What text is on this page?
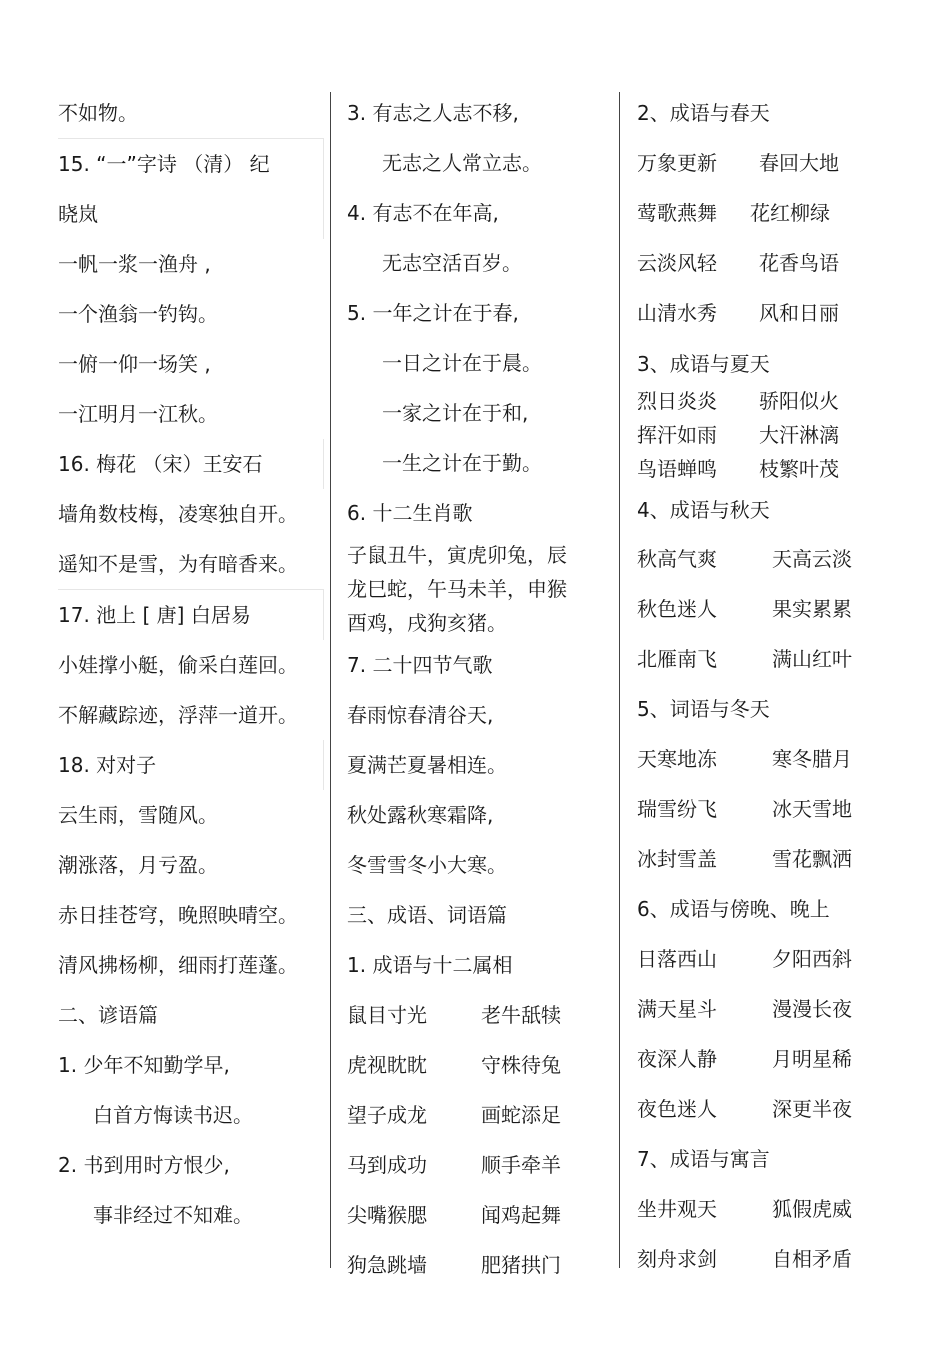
不如物。
15. “一”字诗 （清） 纪
晓岚
一帆一浆一渔舟 ,
一个渔翁一钓钩。
一俯一仰一场笑 ,
一江明月一江秋。
16. 梅花 （宋）王安石
墙角数枝梅，凌寒独自开。
遥知不是雪，为有暗香来。
17. 池上 [ 唐] 白居易
小娃撑小艇，偷采白莲回。
不解藏踪迹，浮萍一道开。
18. 对对子
云生雨，雪随风。
潮涨落，月亏盈。
赤日挂苍穹，晚照映晴空。
清风拂杨柳，细雨打莲蓬。
二、谚语篇
1. 少年不知勤学早,
白首方悔读书迟。
2. 书到用时方恨少,
事非经过不知难。
3. 有志之人志不移,
无志之人常立志。
4. 有志不在年高,
无志空活百岁。
5. 一年之计在于春,
一日之计在于晨。
一家之计在于和,
一生之计在于勤。
6. 十二生肖歌
子鼠丑牛，寅虎卯兔，辰
龙巳蛇，午马未羊，申猴
酉鸡，戌狗亥猪。
7. 二十四节气歌
春雨惊春清谷天,
夏满芒夏暑相连。
秋处露秋寒霜降,
冬雪雪冬小大寒。
三、成语、词语篇
1. 成语与十二属相
鼠目寸光	老牛舐犊
虎视眈眈	守株待兔
望子成龙	画蛇添足
马到成功	顺手牵羊
尖嘴猴腮	闻鸡起舞
狗急跳墙	肥猪拱门
2、成语与春天
万象更新	春回大地
莺歌燕舞	花红柳绿
云淡风轻	花香鸟语
山清水秀	风和日丽
3、成语与夏天
烈日炎炎	骄阳似火
挥汗如雨	大汗淋漓
鸟语蝉鸣	枝繁叶茂
4、成语与秋天
秋高气爽	天高云淡
秋色迷人	果实累累
北雁南飞	满山红叶
5、词语与冬天
天寒地冻	寒冬腊月
瑞雪纷飞	冰天雪地
冰封雪盖	雪花飘洒
6、成语与傍晚、晚上
日落西山	夕阳西斜
满天星斗	漫漫长夜
夜深人静	月明星稀
夜色迷人	深更半夜
7、成语与寓言
坐井观天	狐假虎威
刻舟求剑	自相矛盾
